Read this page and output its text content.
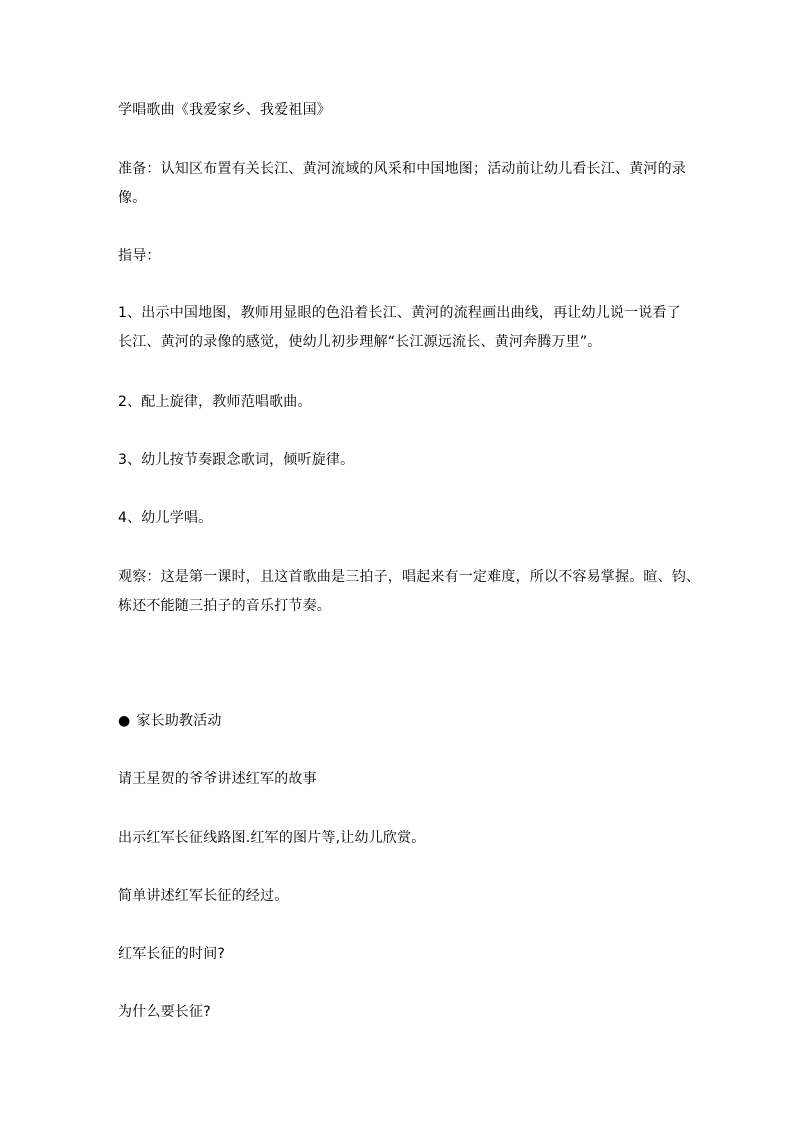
学唱歌曲《我爱家乡、我爱祖国》
准备：认知区布置有关长江、黄河流域的风采和中国地图；活动前让幼儿看长江、黄河的录
像。
指导：
1、出示中国地图，教师用显眼的色沿着长江、黄河的流程画出曲线，再让幼儿说一说看了
长江、黄河的录像的感觉，使幼儿初步理解“长江源远流长、黄河奔腾万里”。
2、配上旋律，教师范唱歌曲。
3、幼儿按节奏跟念歌词，倾听旋律。
4、幼儿学唱。
观察：这是第一课时，且这首歌曲是三拍子，唱起来有一定难度，所以不容易掌握。暄、钧、
栋还不能随三拍子的音乐打节奏。
● 家长助教活动
请王星贺的爷爷讲述红军的故事
出示红军长征线路图.红军的图片等,让幼儿欣赏。
简单讲述红军长征的经过。
红军长征的时间?
为什么要长征?
